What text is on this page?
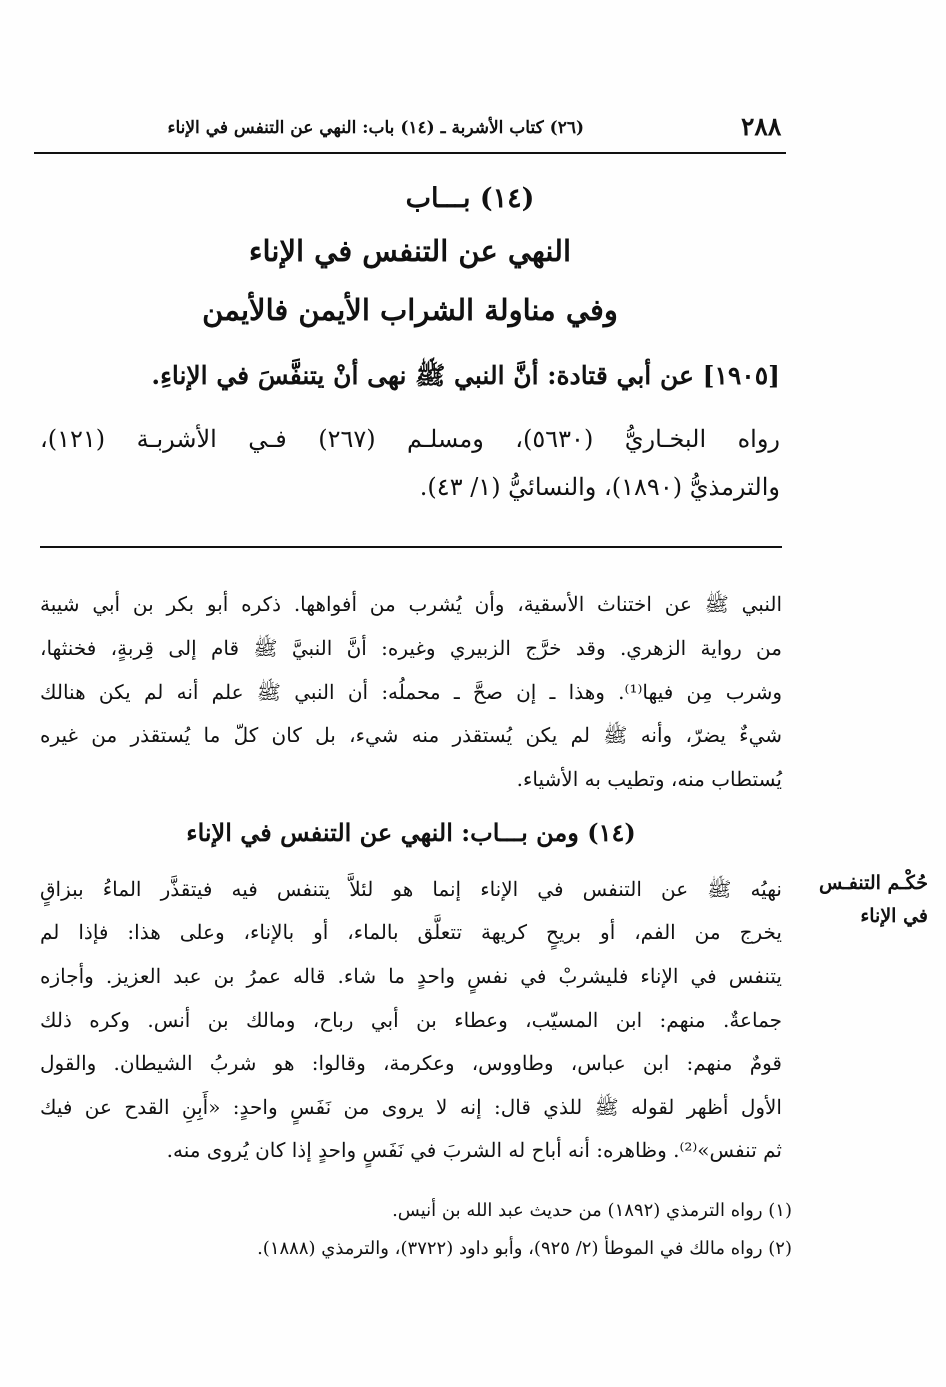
٢٨٨
(٢٦) كتاب الأشربة ـ (١٤) باب: النهي عن التنفس في الإناء
(١٤) بـــاب
النهي عن التنفس في الإناء
وفي مناولة الشراب الأيمن فالأيمن
[١٩٠٥] عن أبي قتادة: أنَّ النبي ﷺ نهى أنْ يتنفَّسَ في الإناءِ.
رواه البخـاريُّ (٥٦٣٠)، ومسلـم (٢٦٧) فـي الأشربـة (١٢١)،
والترمذيُّ (١٨٩٠)، والنسائيُّ (١/ ٤٣).
النبي ﷺ عن اختناث الأسقية، وأن يُشرب من أفواهها. ذكره أبو بكر بن أبي شيبة
من رواية الزهري. وقد خرَّج الزبيري وغيره: أنَّ النبيَّ ﷺ قام إلى قِربةٍ، فخنثها،
وشرب مِن فيها⁽¹⁾. وهذا ـ إن صحَّ ـ محملُه: أن النبي ﷺ علم أنه لم يكن هنالك
شيءٌ يضرّ، وأنه ﷺ لم يكن يُستقذر منه شيء، بل كان كلّ ما يُستقذر من غيره
يُستطاب منه، وتطيب به الأشياء.
(١٤) ومن بـــاب: النهي عن التنفس في الإناء
حُكْـم التنفـس
في الإناء
نهيُه ﷺ عن التنفس في الإناء إنما هو لئلاَّ يتنفس فيه فيتقذَّر الماءُ ببزاقٍ
يخرج من الفم، أو بريحٍ كريهة تتعلَّق بالماء، أو بالإناء، وعلى هذا: فإذا لم
يتنفس في الإناء فليشربْ في نفسٍ واحدٍ ما شاء. قاله عمرُ بن عبد العزيز. وأجازه
جماعةٌ. منهم: ابن المسيّب، وعطاء بن أبي رباح، ومالك بن أنس. وكره ذلك
قومٌ منهم: ابن عباس، وطاووس، وعكرمة، وقالوا: هو شربُ الشيطان. والقول
الأول أظهر لقوله ﷺ للذي قال: إنه لا يروى من نَفَسٍ واحدٍ: «أَبِنِ القدح عن فيك
ثم تنفس»⁽²⁾. وظاهره: أنه أباح له الشربَ في نَفَسٍ واحدٍ إذا كان يُروى منه.
(١) رواه الترمذي (١٨٩٢) من حديث عبد الله بن أنيس.
(٢) رواه مالك في الموطأ (٢/ ٩٢٥)، وأبو داود (٣٧٢٢)، والترمذي (١٨٨٨).
